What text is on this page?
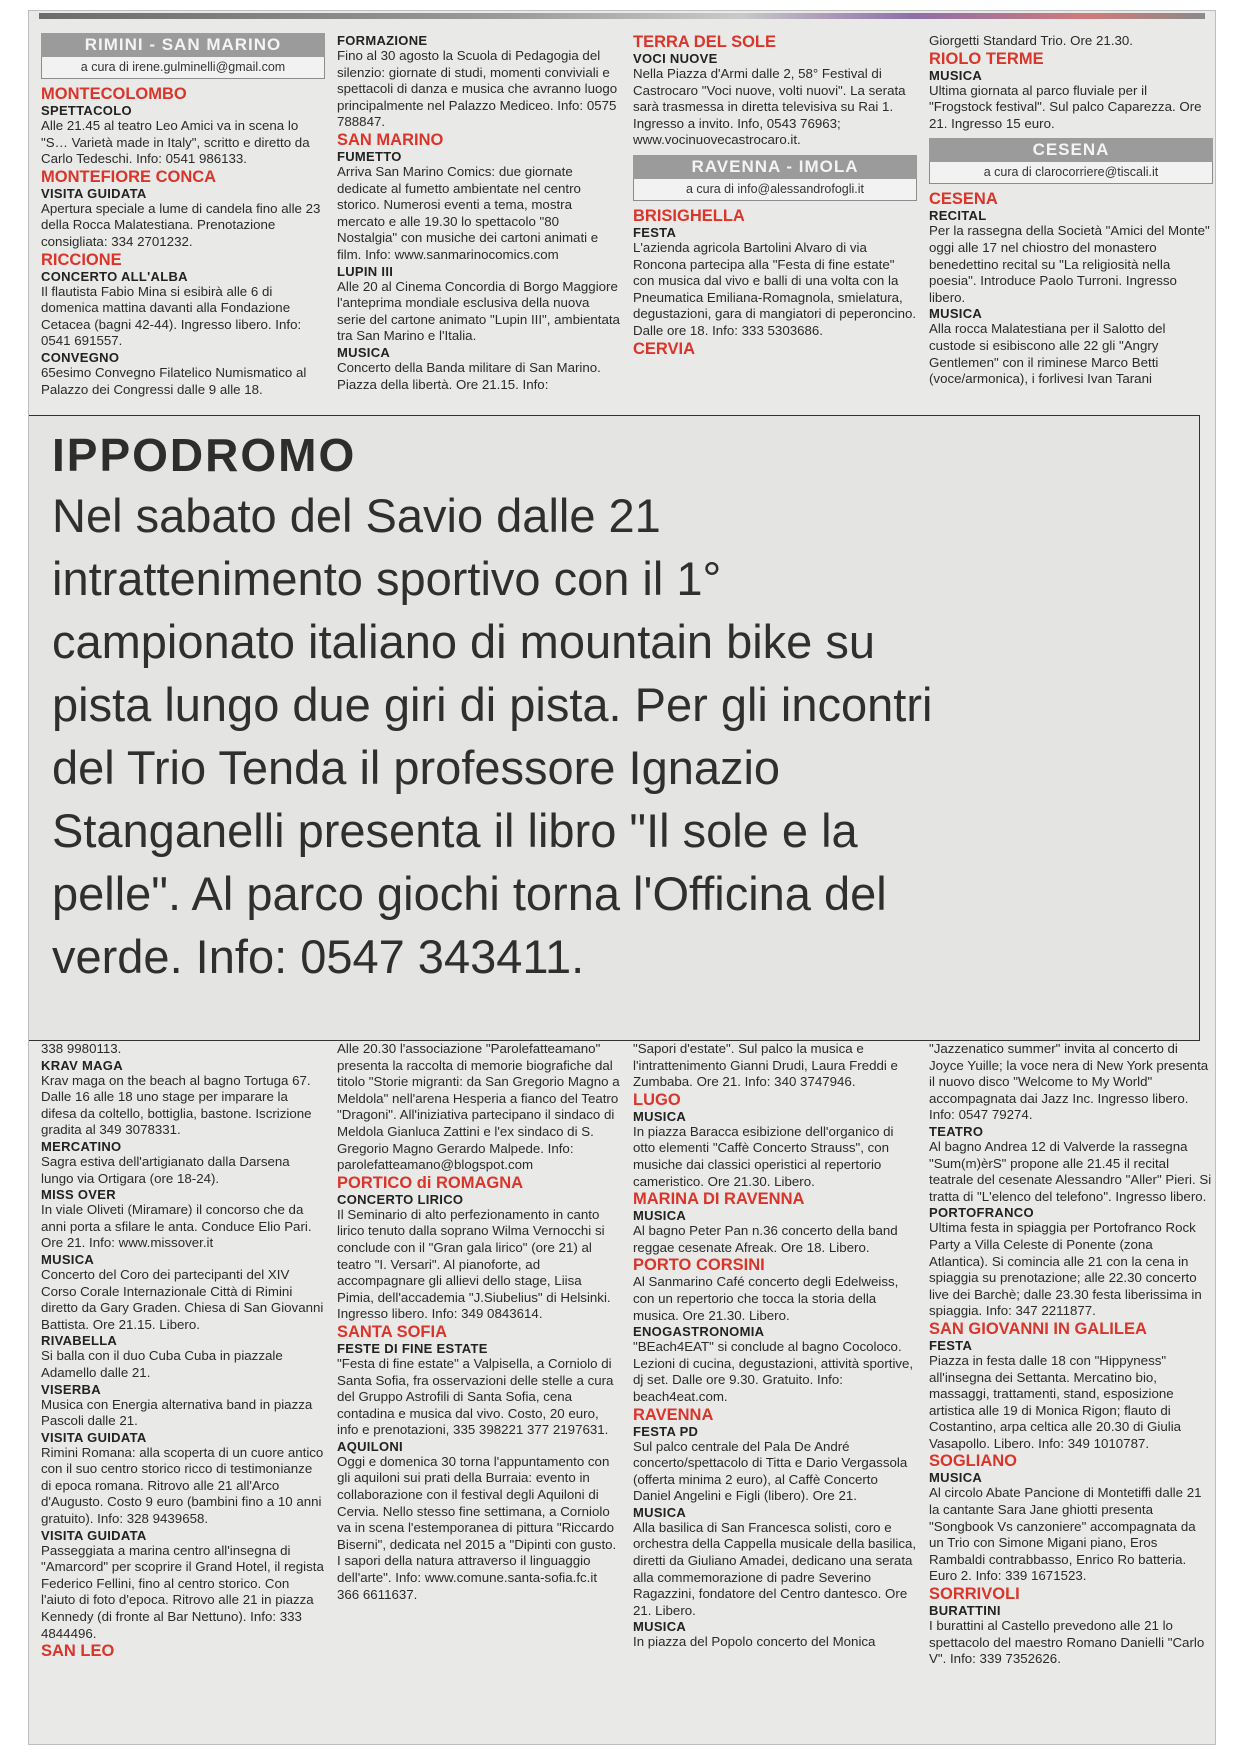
RIMINI - SAN MARINO
a cura di irene.gulminelli@gmail.com
MONTECOLOMBO
SPETTACOLO
Alle 21.45 al teatro Leo Amici va in scena lo "S… Varietà made in Italy", scritto e diretto da Carlo Tedeschi. Info: 0541 986133.
MONTEFIORE CONCA
VISITA GUIDATA
Apertura speciale a lume di candela fino alle 23 della Rocca Malatestiana. Prenotazione consigliata: 334 2701232.
RICCIONE
CONCERTO ALL'ALBA
Il flautista Fabio Mina si esibirà alle 6 di domenica mattina davanti alla Fondazione Cetacea (bagni 42-44). Ingresso libero. Info: 0541 691557.
CONVEGNO
65esimo Convegno Filatelico Numismatico al Palazzo dei Congressi dalle 9 alle 18.
FORMAZIONE
Fino al 30 agosto la Scuola di Pedagogia del silenzio: giornate di studi, momenti conviviali e spettacoli di danza e musica che avranno luogo principalmente nel Palazzo Mediceo. Info: 0575 788847.
SAN MARINO
FUMETTO
Arriva San Marino Comics: due giornate dedicate al fumetto ambientate nel centro storico. Numerosi eventi a tema, mostra mercato e alle 19.30 lo spettacolo "80 Nostalgia" con musiche dei cartoni animati e film. Info: www.sanmarinocomics.com
LUPIN III
Alle 20 al Cinema Concordia di Borgo Maggiore l'anteprima mondiale esclusiva della nuova serie del cartone animato "Lupin III", ambientata tra San Marino e l'Italia.
MUSICA
Concerto della Banda militare di San Marino. Piazza della libertà. Ore 21.15. Info:
TERRA DEL SOLE
VOCI NUOVE
Nella Piazza d'Armi dalle 2, 58° Festival di Castrocaro "Voci nuove, volti nuovi". La serata sarà trasmessa in diretta televisiva su Rai 1. Ingresso a invito. Info, 0543 76963; www.vocinuovecastrocaro.it.
RAVENNA - IMOLA
a cura di info@alessandrofogli.it
BRISIGHELLA
FESTA
L'azienda agricola Bartolini Alvaro di via Roncona partecipa alla "Festa di fine estate" con musica dal vivo e balli di una volta con la Pneumatica Emiliana-Romagnola, smielatura, degustazioni, gara di mangiatori di peperoncino. Dalle ore 18. Info: 333 5303686.
CERVIA
Giorgetti Standard Trio. Ore 21.30.
RIOLO TERME
MUSICA
Ultima giornata al parco fluviale per il "Frogstock festival". Sul palco Caparezza. Ore 21. Ingresso 15 euro.
CESENA
a cura di clarocorriere@tiscali.it
CESENA
RECITAL
Per la rassegna della Società "Amici del Monte" oggi alle 17 nel chiostro del monastero benedettino recital su "La religiosità nella poesia". Introduce Paolo Turroni. Ingresso libero.
MUSICA
Alla rocca Malatestiana per il Salotto del custode si esibiscono alle 22 gli "Angry Gentlemen" con il riminese Marco Betti (voce/armonica), i forlivesi Ivan Tarani
338 9980113.
KRAV MAGA
Krav maga on the beach al bagno Tortuga 67. Dalle 16 alle 18 uno stage per imparare la difesa da coltello, bottiglia, bastone. Iscrizione gradita al 349 3078331.
MERCATINO
Sagra estiva dell'artigianato dalla Darsena lungo via Ortigara (ore 18-24).
MISS OVER
In viale Oliveti (Miramare) il concorso che da anni porta a sfilare le anta. Conduce Elio Pari. Ore 21. Info: www.missover.it
MUSICA
Concerto del Coro dei partecipanti del XIV Corso Corale Internazionale Città di Rimini diretto da Gary Graden. Chiesa di San Giovanni Battista. Ore 21.15. Libero.
RIVABELLA
Si balla con il duo Cuba Cuba in piazzale Adamello dalle 21.
VISERBA
Musica con Energia alternativa band in piazza Pascoli dalle 21.
VISITA GUIDATA
Rimini Romana: alla scoperta di un cuore antico con il suo centro storico ricco di testimonianze di epoca romana. Ritrovo alle 21 all'Arco d'Augusto. Costo 9 euro (bambini fino a 10 anni gratuito). Info: 328 9439658.
VISITA GUIDATA
Passeggiata a marina centro all'insegna di "Amarcord" per scoprire il Grand Hotel, il regista Federico Fellini, fino al centro storico. Con l'aiuto di foto d'epoca. Ritrovo alle 21 in piazza Kennedy (di fronte al Bar Nettuno). Info: 333 4844496.
SAN LEO
Alle 20.30 l'associazione "Parolefatteamano" presenta la raccolta di memorie biografiche dal titolo "Storie migranti: da San Gregorio Magno a Meldola" nell'arena Hesperia a fianco del Teatro "Dragoni". All'iniziativa partecipano il sindaco di Meldola Gianluca Zattini e l'ex sindaco di S. Gregorio Magno Gerardo Malpede. Info: parolefatteamano@blogspot.com
PORTICO di ROMAGNA
CONCERTO LIRICO
Il Seminario di alto perfezionamento in canto lirico tenuto dalla soprano Wilma Vernocchi si conclude con il "Gran gala lirico" (ore 21) al teatro "I. Versari". Al pianoforte, ad accompagnare gli allievi dello stage, Liisa Pimia, dell'accademia "J.Siubelius" di Helsinki. Ingresso libero. Info: 349 0843614.
SANTA SOFIA
FESTE DI FINE ESTATE
"Festa di fine estate" a Valpisella, a Corniolo di Santa Sofia, fra osservazioni delle stelle a cura del Gruppo Astrofili di Santa Sofia, cena contadina e musica dal vivo. Costo, 20 euro, info e prenotazioni, 335 398221 377 2197631.
AQUILONI
Oggi e domenica 30 torna l'appuntamento con gli aquiloni sui prati della Burraia: evento in collaborazione con il festival degli Aquiloni di Cervia. Nello stesso fine settimana, a Corniolo va in scena l'estemporanea di pittura "Riccardo Biserni", dedicata nel 2015 a "Dipinti con gusto. I sapori della natura attraverso il linguaggio dell'arte". Info: www.comune.santa-sofia.fc.it 366 6611637.
"Sapori d'estate". Sul palco la musica e l'intrattenimento Gianni Drudi, Laura Freddi e Zumbaba. Ore 21. Info: 340 3747946.
LUGO
MUSICA
In piazza Baracca esibizione dell'organico di otto elementi "Caffè Concerto Strauss", con musiche dai classici operistici al repertorio cameristico. Ore 21.30. Libero.
MARINA DI RAVENNA
MUSICA
Al bagno Peter Pan n.36 concerto della band reggae cesenate Afreak. Ore 18. Libero.
PORTO CORSINI
Al Sanmarino Café concerto degli Edelweiss, con un repertorio che tocca la storia della musica. Ore 21.30. Libero.
ENOGASTRONOMIA
"BEach4EAT" si conclude al bagno Cocoloco. Lezioni di cucina, degustazioni, attività sportive, dj set. Dalle ore 9.30. Gratuito. Info: beach4eat.com.
RAVENNA
FESTA PD
Sul palco centrale del Pala De André concerto/spettacolo di Titta e Dario Vergassola (offerta minima 2 euro), al Caffè Concerto Daniel Angelini e Figli (libero). Ore 21.
MUSICA
Alla basilica di San Francesca solisti, coro e orchestra della Cappella musicale della basilica, diretti da Giuliano Amadei, dedicano una serata alla commemorazione di padre Severino Ragazzini, fondatore del Centro dantesco. Ore 21. Libero.
MUSICA
In piazza del Popolo concerto del Monica
"Jazzenatico summer" invita al concerto di Joyce Yuille; la voce nera di New York presenta il nuovo disco "Welcome to My World" accompagnata dai Jazz Inc. Ingresso libero. Info: 0547 79274.
TEATRO
Al bagno Andrea 12 di Valverde la rassegna "Sum(m)èrS" propone alle 21.45 il recital teatrale del cesenate Alessandro "Aller" Pieri. Si tratta di "L'elenco del telefono". Ingresso libero.
PORTOFRANCO
Ultima festa in spiaggia per Portofranco Rock Party a Villa Celeste di Ponente (zona Atlantica). Si comincia alle 21 con la cena in spiaggia su prenotazione; alle 22.30 concerto live dei Barchè; dalle 23.30 festa liberissima in spiaggia. Info: 347 2211877.
SAN GIOVANNI IN GALILEA
FESTA
Piazza in festa dalle 18 con "Hippyness" all'insegna dei Settanta. Mercatino bio, massaggi, trattamenti, stand, esposizione artistica alle 19 di Monica Rigon; flauto di Costantino, arpa celtica alle 20.30 di Giulia Vasapollo. Libero. Info: 349 1010787.
SOGLIANO
MUSICA
Al circolo Abate Pancione di Montetiffi dalle 21 la cantante Sara Jane ghiotti presenta "Songbook Vs canzoniere" accompagnata da un Trio con Simone Migani piano, Eros Rambaldi contrabbasso, Enrico Ro batteria. Euro 2. Info: 339 1671523.
SORRIVOLI
BURATTINI
I burattini al Castello prevedono alle 21 lo spettacolo del maestro Romano Danielli "Carlo V". Info: 339 7352626.
IPPODROMO
Nel sabato del Savio dalle 21
intrattenimento sportivo con il 1°
campionato italiano di mountain bike su
pista lungo due giri di pista. Per gli incontri
del Trio Tenda il professore Ignazio
Stanganelli presenta il libro "Il sole e la
pelle". Al parco giochi torna l'Officina del
verde. Info: 0547 343411.
